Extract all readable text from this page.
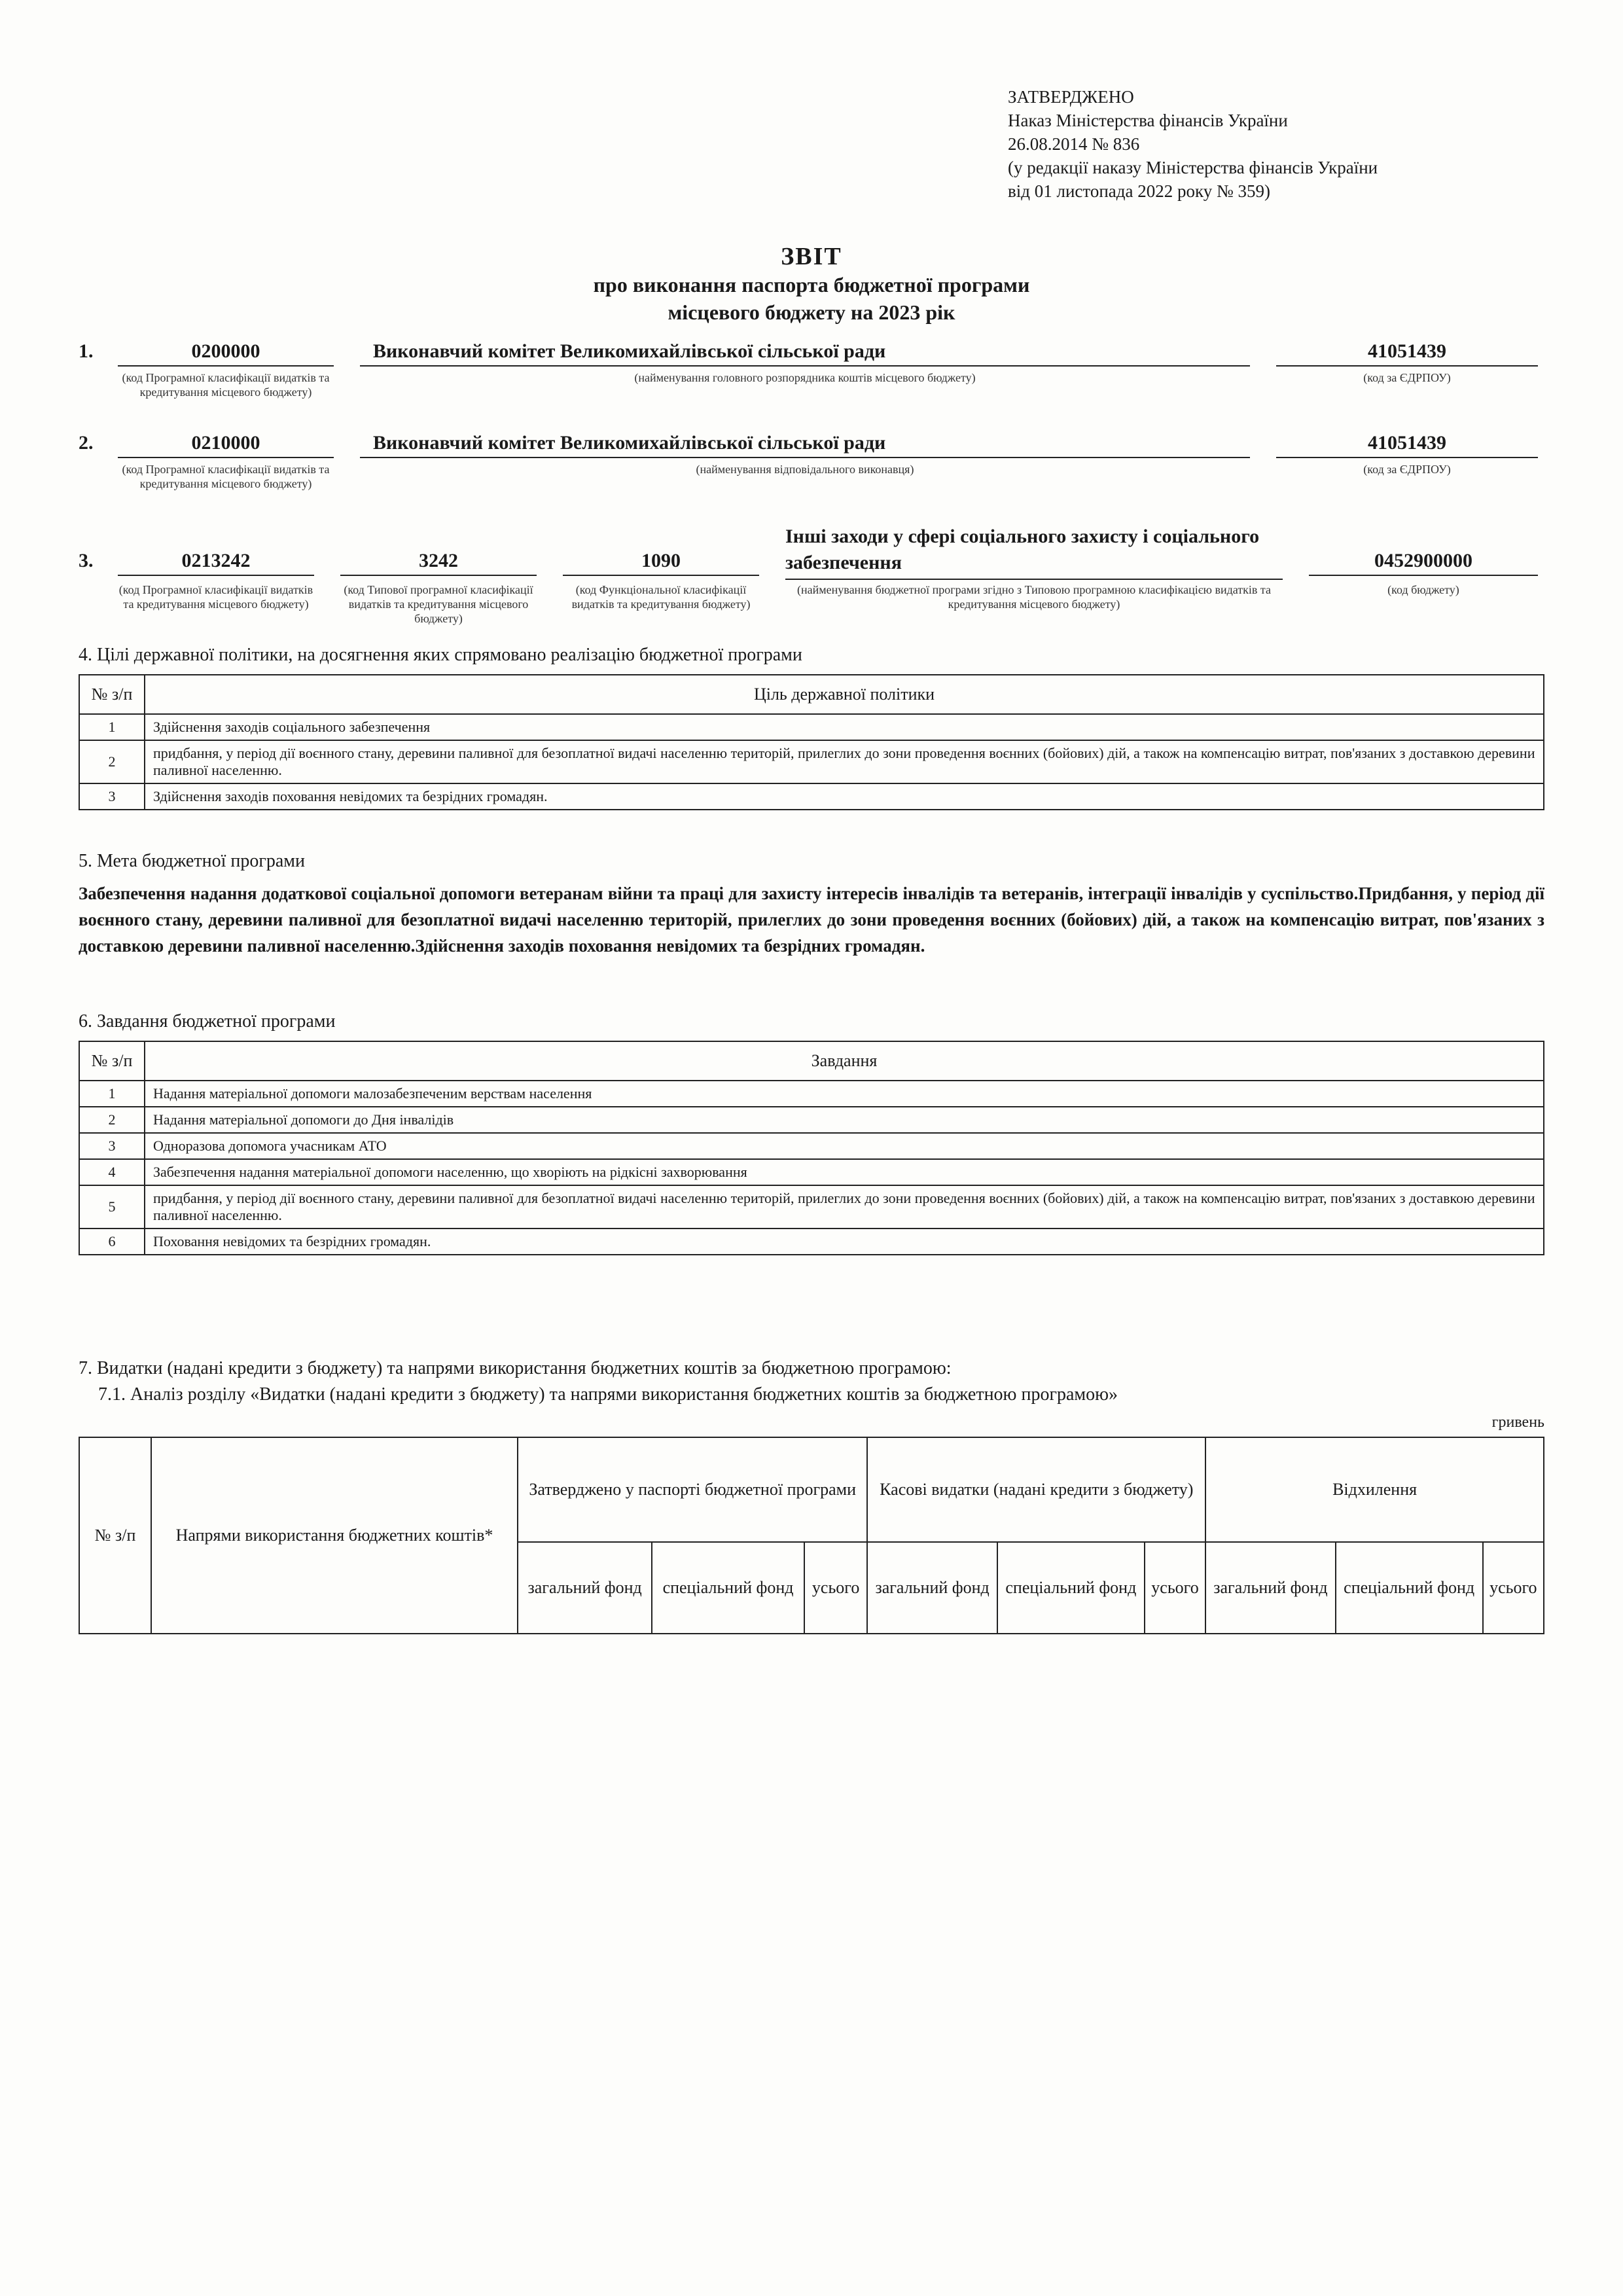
ЗАТВЕРДЖЕНО
Наказ Міністерства фінансів України
26.08.2014 № 836
(у редакції наказу Міністерства фінансів України
від 01 листопада 2022 року № 359)
ЗВІТ
про виконання паспорта бюджетної програми
місцевого бюджету на 2023 рік
1.	0200000	Виконавчий комітет Великомихайлівської сільської ради	41051439
(код Програмної класифікації видатків та кредитування місцевого бюджету)
(найменування головного розпорядника коштів місцевого бюджету)	(код за ЄДРПОУ)
2.	0210000	Виконавчий комітет Великомихайлівської сільської ради	41051439
(код Програмної класифікації видатків та кредитування місцевого бюджету)
(найменування відповідального виконавця)	(код за ЄДРПОУ)
3.	0213242	3242	1090
Інші заходи у сфері соціального захисту і соціального забезпечення	0452900000
(код Програмної класифікації видатків та кредитування місцевого бюджету)
(код Типової програмної класифікації видатків та кредитування місцевого бюджету)
(код Функціональної класифікації видатків та кредитування бюджету)
(найменування бюджетної програми згідно з Типовою програмною класифікацією видатків та кредитування місцевого бюджету)
(код бюджету)
4. Цілі державної політики, на досягнення яких спрямовано реалізацію бюджетної програми
№ з/п	Ціль державної політики
1	Здійснення заходів соціального забезпечення
2	придбання, у період дії воєнного стану, деревини паливної для безоплатної видачі населенню територій, прилеглих до зони проведення воєнних (бойових) дій, а також на компенсацію витрат, пов'язаних з доставкою деревини паливної населенню.
3	Здійснення заходів поховання невідомих та безрідних громадян.
5. Мета бюджетної програми
Забезпечення надання додаткової соціальної допомоги ветеранам війни та праці для захисту інтересів інвалідів та ветеранів, інтеграції інвалідів у суспільство.Придбання, у період дії воєнного стану, деревини паливної для безоплатної видачі населенню територій, прилеглих до зони проведення воєнних (бойових) дій, а також на компенсацію витрат, пов'язаних з доставкою деревини паливної населенню.Здійснення заходів поховання невідомих та безрідних громадян.
6. Завдання бюджетної програми
№ з/п	Завдання
1	Надання матеріальної допомоги малозабезпеченим верствам населення
2	Надання матеріальної допомоги до Дня інвалідів
3	Одноразова допомога учасникам АТО
4	Забезпечення надання матеріальної допомоги населенню, що хворіють на рідкісні захворювання
5	придбання, у період дії воєнного стану, деревини паливної для безоплатної видачі населенню територій, прилеглих до зони проведення воєнних (бойових) дій, а також на компенсацію витрат, пов'язаних з доставкою деревини паливної населенню.
6	Поховання невідомих та безрідних громадян.
7. Видатки (надані кредити з бюджету) та напрями використання бюджетних коштів за бюджетною програмою:
7.1. Аналіз розділу «Видатки (надані кредити з бюджету) та напрями використання бюджетних коштів за бюджетною програмою»
гривень
№ з/п	Напрями використання бюджетних коштів*	Затверджено у паспорті бюджетної програми			Касові видатки (надані кредити з бюджету)			Відхилення		
		загальний фонд	спеціальний фонд	усього	загальний фонд	спеціальний фонд	усього	загальний фонд	спеціальний фонд	усього
